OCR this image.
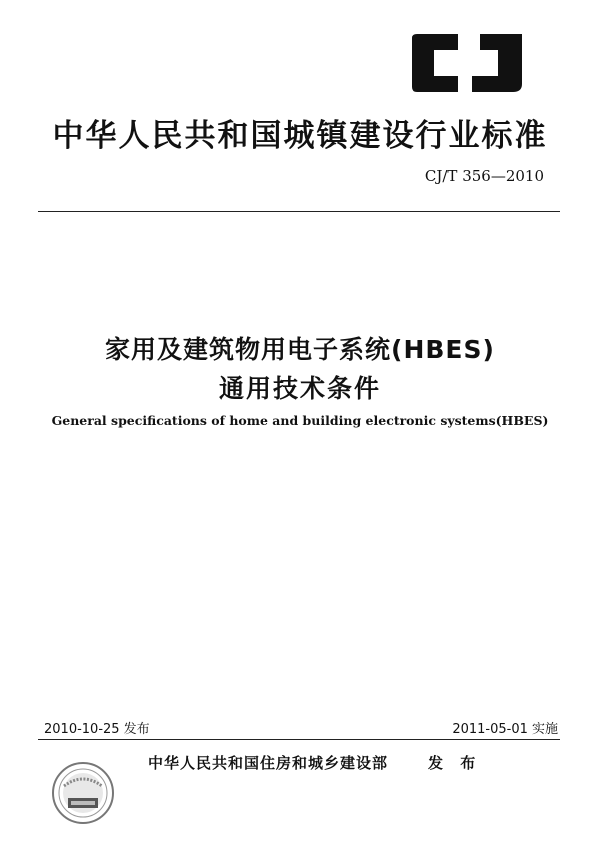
中华人民共和国城镇建设行业标准
CJ/T 356—2010
家用及建筑物用电子系统(HBES)
通用技术条件
General specifications of home and building electronic systems(HBES)
2010-10-25 发布	2011-05-01 实施
中华人民共和国住房和城乡建设部	发 布
